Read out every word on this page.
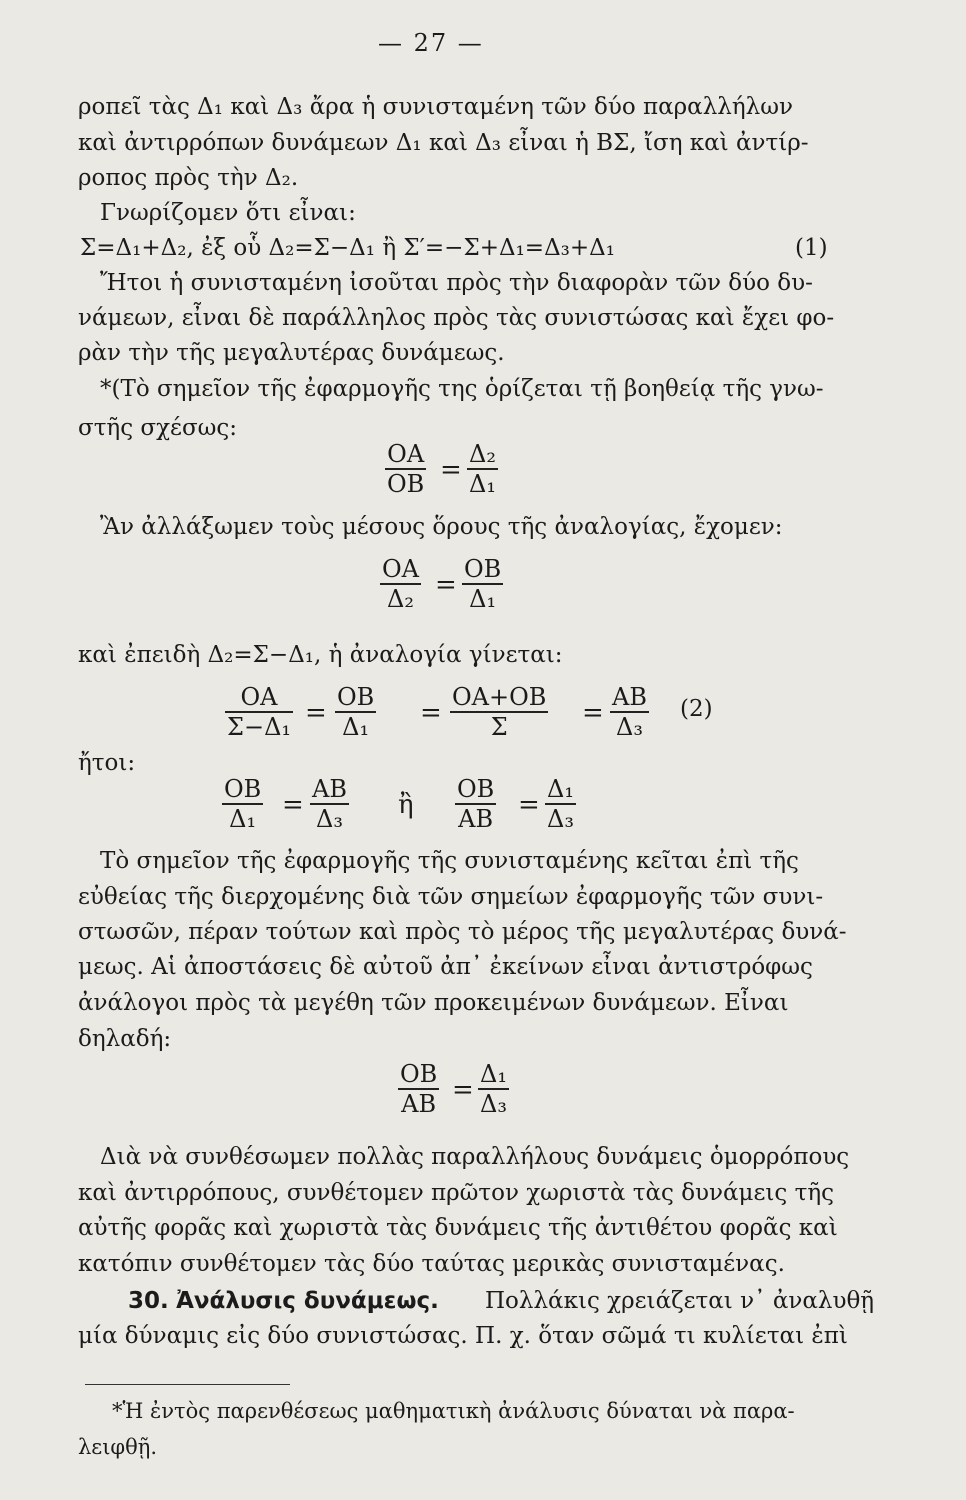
— 27 —
ροπεῖ τὰς Δ₁ καὶ Δ₃ ἄρα ἡ συνισταμένη τῶν δύο παραλλήλων
καὶ ἀντιρρόπων δυνάμεων Δ₁ καὶ Δ₃ εἶναι ἡ ΒΣ, ἴση καὶ ἀντίρ-
ροπος πρὸς τὴν Δ₂.
Γνωρίζομεν ὅτι εἶναι:
Σ=Δ₁+Δ₂, ἐξ οὗ Δ₂=Σ−Δ₁ ἢ Σ′=−Σ+Δ₁=Δ₃+Δ₁	(1)
Ἤτοι ἡ συνισταμένη ἰσοῦται πρὸς τὴν διαφορὰν τῶν δύο δυ-
νάμεων, εἶναι δὲ παράλληλος πρὸς τὰς συνιστώσας καὶ ἔχει φο-
ρὰν τὴν τῆς μεγαλυτέρας δυνάμεως.
*(Τὸ σημεῖον τῆς ἐφαρμογῆς της ὁρίζεται τῇ βοηθείᾳ τῆς γνω-
στῆς σχέσως:
$\frac{OA}{OB} = \frac{\text{Δ₂}}{\text{Δ₁}}$
Ἂν ἀλλάξωμεν τοὺς μέσους ὅρους τῆς ἀναλογίας, ἔχομεν:
$\frac{OA}{\text{Δ₂}} = \frac{OB}{\text{Δ₁}}$
καὶ ἐπειδὴ Δ₂=Σ−Δ₁, ἡ ἀναλογία γίνεται:
$\frac{OA}{\text{Σ−Δ₁}} = \frac{OB}{\text{Δ₁}} = \frac{OA+OB}{\Sigma} = \frac{AB}{\text{Δ₃}} (2)$
ἤτοι:
$\frac{OB}{\text{Δ₁}} = \frac{AB}{\text{Δ₃}}$ ἢ $\frac{OB}{AB} = \frac{\text{Δ₁}}{\text{Δ₃}}$
Τὸ σημεῖον τῆς ἐφαρμογῆς τῆς συνισταμένης κεῖται ἐπὶ τῆς
εὐθείας τῆς διερχομένης διὰ τῶν σημείων ἐφαρμογῆς τῶν συνι-
στωσῶν, πέραν τούτων καὶ πρὸς τὸ μέρος τῆς μεγαλυτέρας δυνά-
μεως. Αἱ ἀποστάσεις δὲ αὐτοῦ ἀπ᾽ ἐκείνων εἶναι ἀντιστρόφως
ἀνάλογοι πρὸς τὰ μεγέθη τῶν προκειμένων δυνάμεων. Εἶναι
δηλαδή:
$\frac{OB}{AB} = \frac{\text{Δ₁}}{\text{Δ₃}}$
Διὰ νὰ συνθέσωμεν πολλὰς παραλλήλους δυνάμεις ὁμορρόπους
καὶ ἀντιρρόπους, συνθέτομεν πρῶτον χωριστὰ τὰς δυνάμεις τῆς
αὐτῆς φορᾶς καὶ χωριστὰ τὰς δυνάμεις τῆς ἀντιθέτου φορᾶς καὶ
κατόπιν συνθέτομεν τὰς δύο ταύτας μερικὰς συνισταμένας.
30. Ἀνάλυσις δυνάμεως. Πολλάκις χρειάζεται ν᾽ ἀναλυθῇ
μία δύναμις εἰς δύο συνιστώσας. Π. χ. ὅταν σῶμά τι κυλίεται ἐπὶ
*Ἡ ἐντὸς παρενθέσεως μαθηματικὴ ἀνάλυσις δύναται νὰ παρα-
λειφθῇ.
